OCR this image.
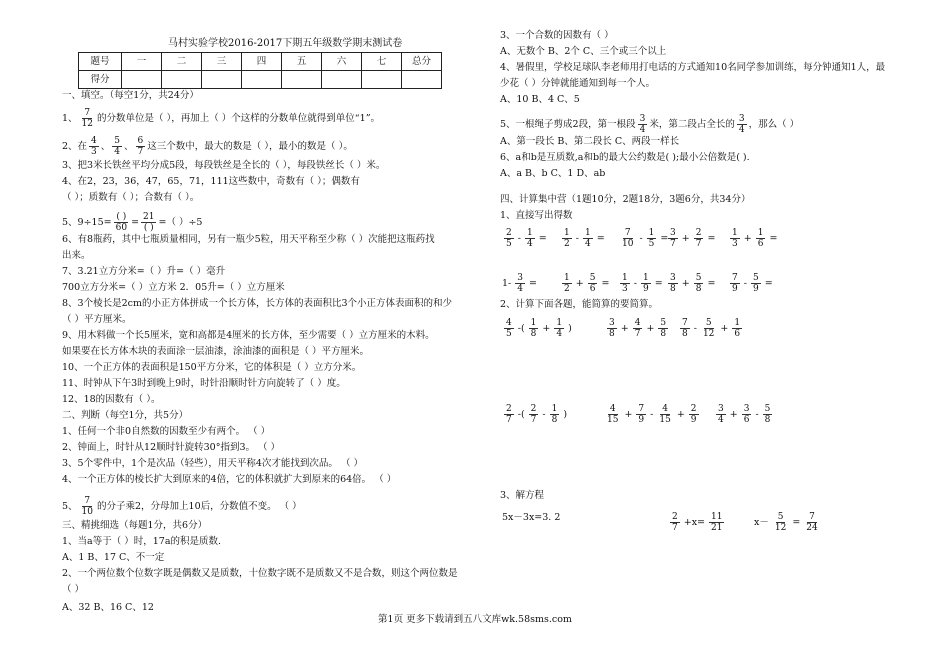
马村实验学校2016-2017下期五年级数学期末测试卷
题号	一	二	三	四	五	六	七	总分
得分								
一、填空。（每空1分，共24分）
1、 $\frac{7}{12}$ 的分数单位是（ ），再加上（ ）个这样的分数单位就得到单位“1”。
2、在 $\frac{4}{3}$ 、 $\frac{5}{4}$ 、 $\frac{6}{7}$ 这三个数中，最大的数是（ ），最小的数是（ ）。
3、把3米长铁丝平均分成5段，每段铁丝是全长的（ ），每段铁丝长（ ）米。
4、在2，23，36，47，65，71，111这些数中，奇数有（ ）；偶数有
（ ）；质数有（ ）；合数有（ ）。
5、$9\div 15= \frac{( )}{60} = \frac{21}{( )}$ =（ ）÷5
6、有8瓶药，其中七瓶质量相同，另有一瓶少5粒，用天平称至少称（ ）次能把这瓶药找
出来。
7、3.21立方分米=（ ）升=（ ）毫升
700立方分米=（ ）立方米 2．05升=（ ）立方厘米
8、3个棱长是2cm的小正方体拼成一个长方体，长方体的表面积比3个小正方体表面积的和少
（ ）平方厘米。
9、用木料做一个长5厘米，宽和高都是4厘米的长方体，至少需要（ ）立方厘米的木料。
如果要在长方体木块的表面涂一层油漆，涂油漆的面积是（ ）平方厘米。
10、一个正方体的表面积是150平方分米，它的体积是（ ）立方分米。
11、时钟从下午3时到晚上9时，时针沿顺时针方向旋转了（ ）度。
12、18的因数有（ ）。
二、判断（每空1分，共5分）
1、任何一个非0自然数的因数至少有两个。 （ ）
2、钟面上，时针从12顺时针旋转30°指到3。 （ ）
3、5个零件中，1个是次品（轻些），用天平称4次才能找到次品。 （ ）
4、一个正方体的棱长扩大到原来的4倍，它的体积就扩大到原来的64倍。 （ ）
5、 $\frac{7}{10}$ 的分子乘2，分母加上10后，分数值不变。 （ ）
三、精挑细选（每题1分，共6分）
1、当a等于（ ）时，17a的积是质数.
A、1 B、17 C、不一定
2、一个两位数个位数字既是偶数又是质数，十位数字既不是质数又不是合数，则这个两位数是
（ ）
A、32 B、16 C、12
3、一个合数的因数有（ ）
A、无数个 B、2个 C、三个或三个以上
4、暑假里，学校足球队李老师用打电话的方式通知10名同学参加训练，每分钟通知1人，最
少花（ ）分钟就能通知到每一个人。
A、10 B、4 C、5
5、一根绳子剪成2段，第一根段 $\frac{3}{4}$ 米，第二段占全长的 $\frac{3}{4}$ ，那么（ ）
A、第一段长 B、第二段长 C、两段一样长
6、a和b是互质数,a和b的最大公约数是( );最小公倍数是( ).
A、a B、b C、1 D、ab
四、计算集中营（1题10分，2题18分，3题6分，共34分）
1、直接写出得数
2、计算下面各题，能简算的要简算。
3、解方程
$\frac{2}{5} - \frac{1}{4} = \frac{1}{2} - \frac{1}{4} = \frac{7}{10} - \frac{1}{5} = \frac{3}{7} + \frac{2}{7} = \frac{1}{3} + \frac{1}{6}$ =
$1- \frac{3}{4}$ =	$\frac{1}{2} + \frac{5}{6} = \frac{1}{3} - \frac{1}{9} = \frac{3}{8} + \frac{5}{8} = \frac{7}{9} - \frac{5}{9}$ =
$\frac{4}{5}$ -( $\frac{1}{8} + \frac{1}{4}$ )	$\frac{3}{8} + \frac{4}{7} + \frac{5}{8} \frac{7}{8} - \frac{5}{12} + \frac{1}{6}$
$\frac{2}{7}$ -( $\frac{2}{7} - \frac{1}{8}$ )	$\frac{4}{15} + \frac{7}{9} - \frac{4}{15} + \frac{2}{9} \frac{3}{4} + \frac{3}{6} - \frac{5}{8}$
5x－3x=3. 2	$\frac{2}{7} +x= \frac{11}{21}$	$x- \frac{5}{12} = \frac{7}{24}$
第1页 更多下载请到五八文库wk.58sms.com
